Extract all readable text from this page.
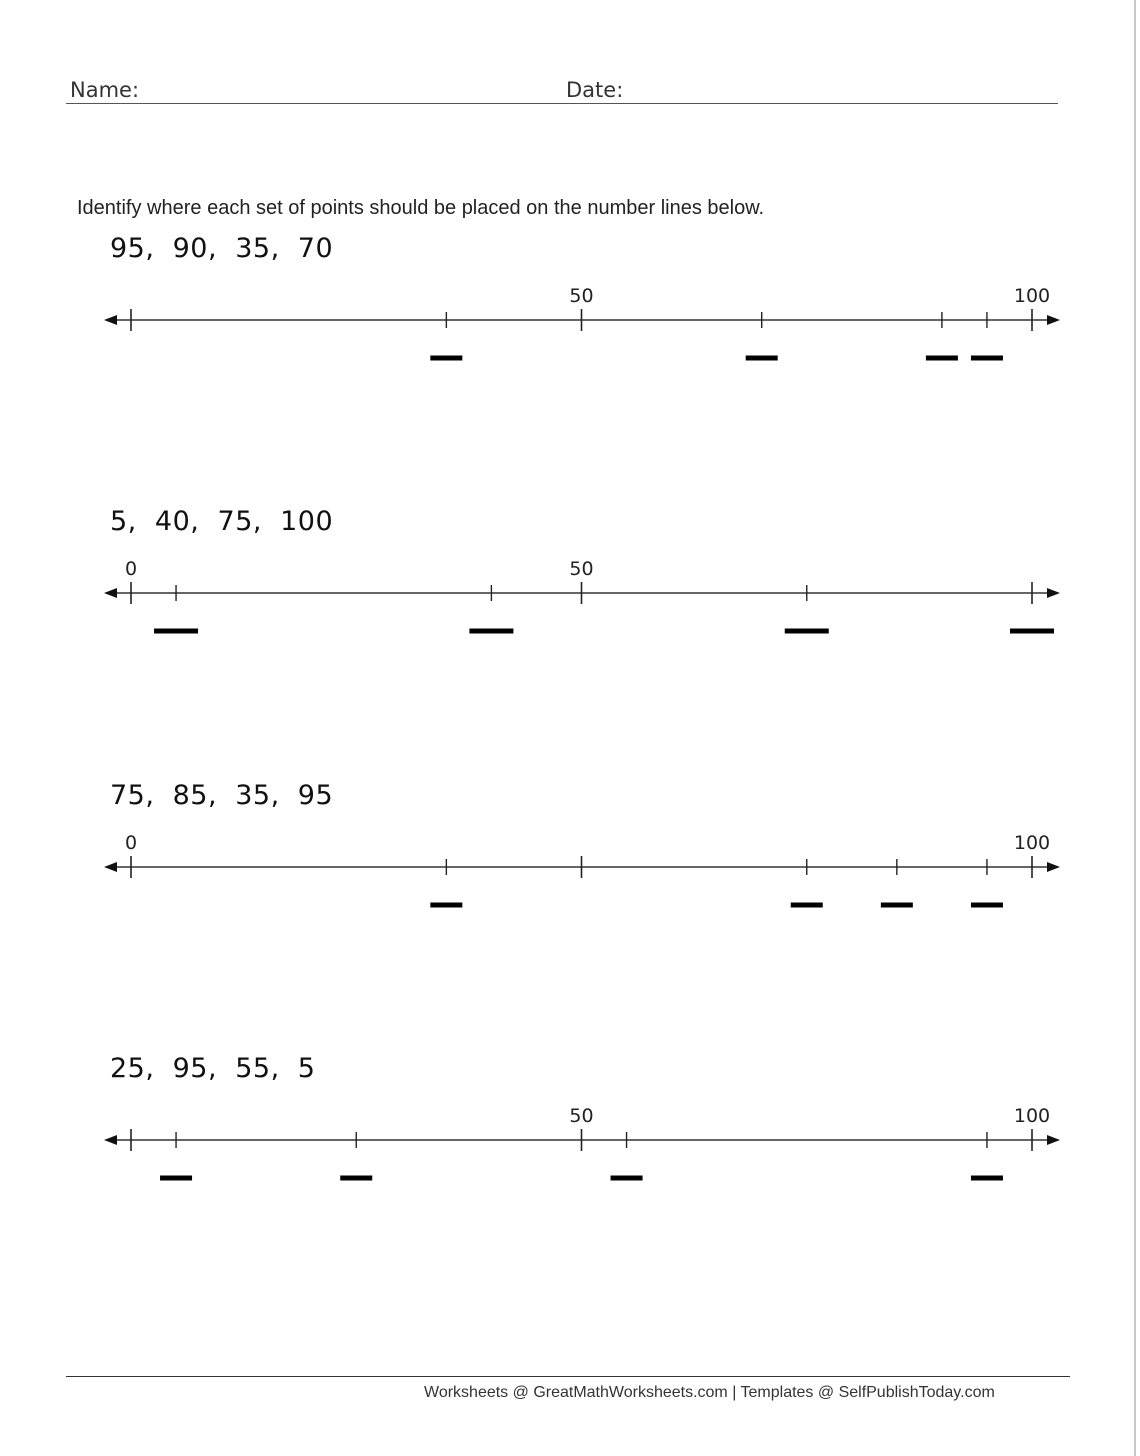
Name:	Date:
Identify where each set of points should be placed on the number lines below.
95,  90,  35,  70
50	100
5,  40,  75,  100
0	50
75,  85,  35,  95
0	100
25,  95,  55,  5
50	100
Worksheets @ GreatMathWorksheets.com | Templates @ SelfPublishToday.com
